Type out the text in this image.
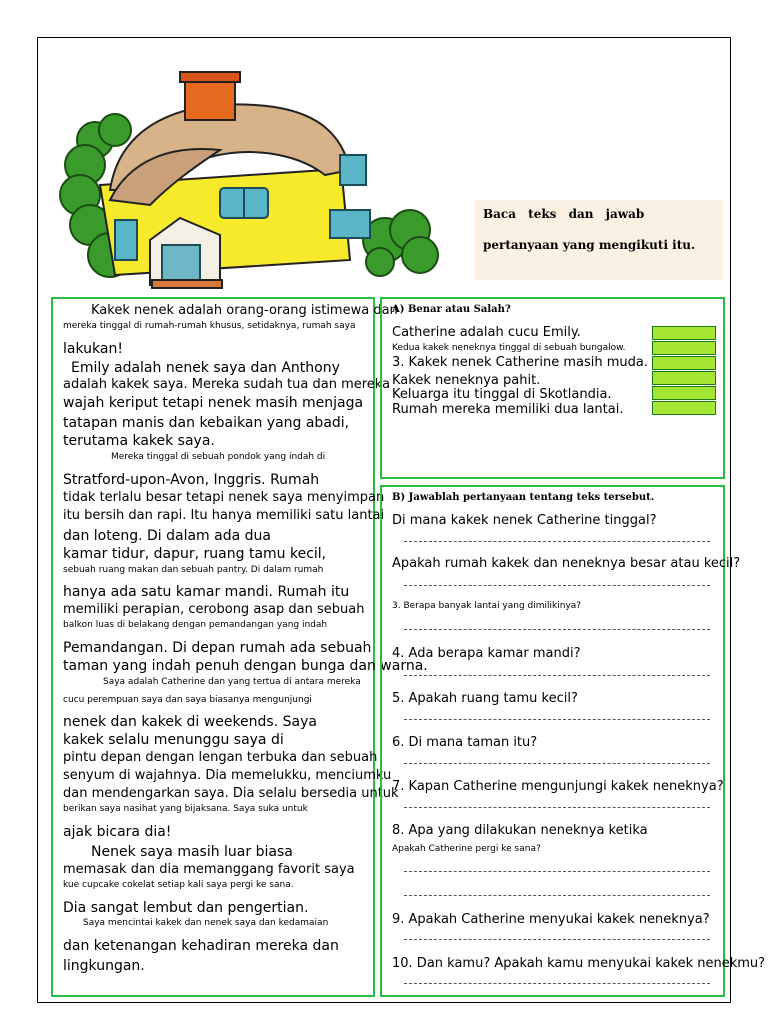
Baca teks dan jawab
pertanyaan yang mengikuti itu.
Kakek nenek adalah orang-orang istimewa dan
mereka tinggal di rumah-rumah khusus, setidaknya, rumah saya
lakukan!
Emily adalah nenek saya dan Anthony
adalah kakek saya. Mereka sudah tua dan mereka
wajah keriput tetapi nenek masih menjaga
tatapan manis dan kebaikan yang abadi,
terutama kakek saya.
Mereka tinggal di sebuah pondok yang indah di
Stratford-upon-Avon, Inggris. Rumah
tidak terlalu besar tetapi nenek saya menyimpan
itu bersih dan rapi. Itu hanya memiliki satu lantai
dan loteng. Di dalam ada dua
kamar tidur, dapur, ruang tamu kecil,
sebuah ruang makan dan sebuah pantry. Di dalam rumah
hanya ada satu kamar mandi. Rumah itu
memiliki perapian, cerobong asap dan sebuah
balkon luas di belakang dengan pemandangan yang indah
Pemandangan. Di depan rumah ada sebuah
taman yang indah penuh dengan bunga dan warna.
Saya adalah Catherine dan yang tertua di antara mereka
cucu perempuan saya dan saya biasanya mengunjungi
nenek dan kakek di weekends. Saya
kakek selalu menunggu saya di
pintu depan dengan lengan terbuka dan sebuah
senyum di wajahnya. Dia memelukku, menciumku
dan mendengarkan saya. Dia selalu bersedia untuk
berikan saya nasihat yang bijaksana. Saya suka untuk
ajak bicara dia!
Nenek saya masih luar biasa
memasak dan dia memanggang favorit saya
kue cupcake cokelat setiap kali saya pergi ke sana.
Dia sangat lembut dan pengertian.
Saya mencintai kakek dan nenek saya dan kedamaian
dan ketenangan kehadiran mereka dan
lingkungan.
A) Benar atau Salah?
Catherine adalah cucu Emily.
Kedua kakek neneknya tinggal di sebuah bungalow.
3. Kakek nenek Catherine masih muda.
Kakek neneknya pahit.
Keluarga itu tinggal di Skotlandia.
Rumah mereka memiliki dua lantai.
B) Jawablah pertanyaan tentang teks tersebut.
Di mana kakek nenek Catherine tinggal?
Apakah rumah kakek dan neneknya besar atau kecil?
3. Berapa banyak lantai yang dimilikinya?
4. Ada berapa kamar mandi?
5. Apakah ruang tamu kecil?
6. Di mana taman itu?
7. Kapan Catherine mengunjungi kakek neneknya?
8. Apa yang dilakukan neneknya ketika
Apakah Catherine pergi ke sana?
9. Apakah Catherine menyukai kakek neneknya?
10. Dan kamu? Apakah kamu menyukai kakek nenekmu?
